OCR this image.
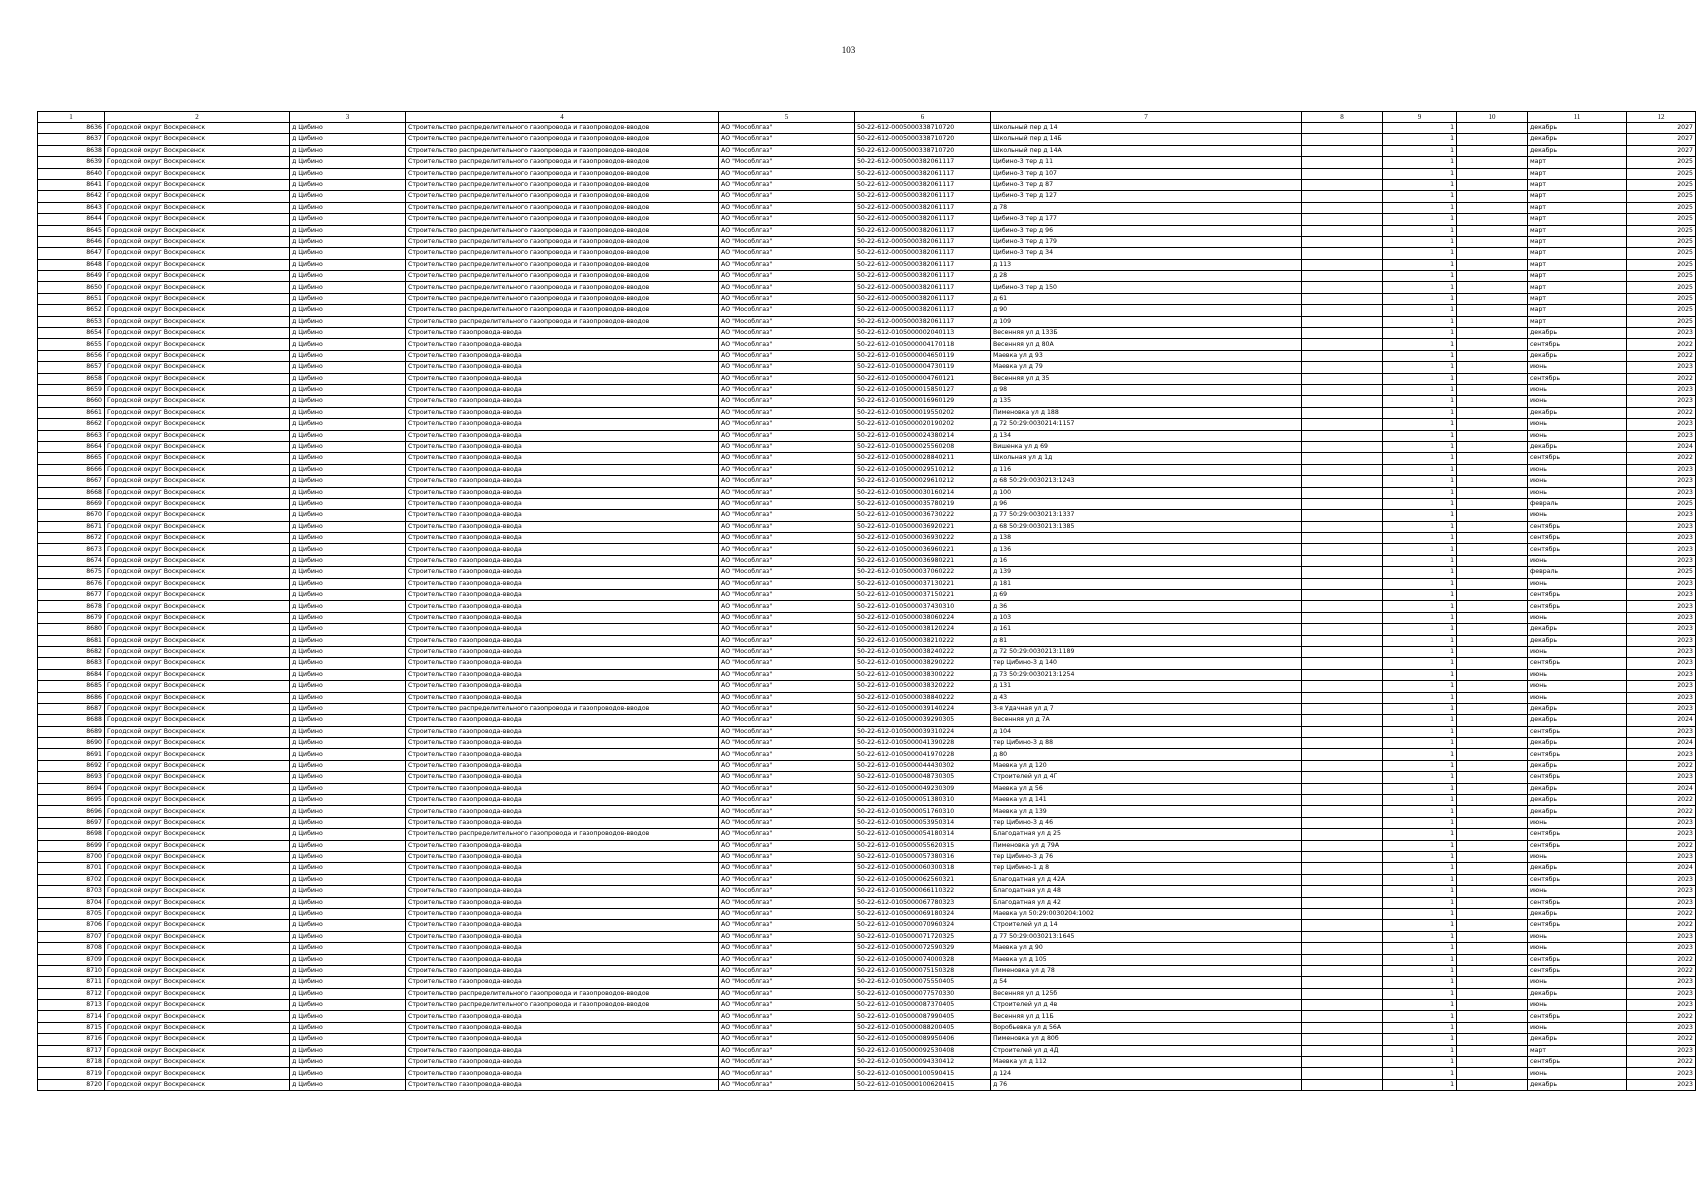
103
1	2	3	4	5	6	7	8	9	10	11	12
8636	Городской округ Воскресенск	д Цибино	Строительство распределительного газопровода и газопроводов-вводов	АО "Мособлгаз"	50-22-612-0005000338710720	Школьный пер д 14		1		декабрь	2027
8637	Городской округ Воскресенск	д Цибино	Строительство распределительного газопровода и газопроводов-вводов	АО "Мособлгаз"	50-22-612-0005000338710720	Школьный пер д 14Б		1		декабрь	2027
8638	Городской округ Воскресенск	д Цибино	Строительство распределительного газопровода и газопроводов-вводов	АО "Мособлгаз"	50-22-612-0005000338710720	Школьный пер д 14А		1		декабрь	2027
8639	Городской округ Воскресенск	д Цибино	Строительство распределительного газопровода и газопроводов-вводов	АО "Мособлгаз"	50-22-612-0005000382061117	Цибино-3 тер д 11		1		март	2025
8640	Городской округ Воскресенск	д Цибино	Строительство распределительного газопровода и газопроводов-вводов	АО "Мособлгаз"	50-22-612-0005000382061117	Цибино-3 тер д 107		1		март	2025
8641	Городской округ Воскресенск	д Цибино	Строительство распределительного газопровода и газопроводов-вводов	АО "Мособлгаз"	50-22-612-0005000382061117	Цибино-3 тер д 87		1		март	2025
8642	Городской округ Воскресенск	д Цибино	Строительство распределительного газопровода и газопроводов-вводов	АО "Мособлгаз"	50-22-612-0005000382061117	Цибино-3 тер д 127		1		март	2025
8643	Городской округ Воскресенск	д Цибино	Строительство распределительного газопровода и газопроводов-вводов	АО "Мособлгаз"	50-22-612-0005000382061117	д 78		1		март	2025
8644	Городской округ Воскресенск	д Цибино	Строительство распределительного газопровода и газопроводов-вводов	АО "Мособлгаз"	50-22-612-0005000382061117	Цибино-3 тер д 177		1		март	2025
8645	Городской округ Воскресенск	д Цибино	Строительство распределительного газопровода и газопроводов-вводов	АО "Мособлгаз"	50-22-612-0005000382061117	Цибино-3 тер д 96		1		март	2025
8646	Городской округ Воскресенск	д Цибино	Строительство распределительного газопровода и газопроводов-вводов	АО "Мособлгаз"	50-22-612-0005000382061117	Цибино-3 тер д 179		1		март	2025
8647	Городской округ Воскресенск	д Цибино	Строительство распределительного газопровода и газопроводов-вводов	АО "Мособлгаз"	50-22-612-0005000382061117	Цибино-3 тер д 34		1		март	2025
8648	Городской округ Воскресенск	д Цибино	Строительство распределительного газопровода и газопроводов-вводов	АО "Мособлгаз"	50-22-612-0005000382061117	д 113		1		март	2025
8649	Городской округ Воскресенск	д Цибино	Строительство распределительного газопровода и газопроводов-вводов	АО "Мособлгаз"	50-22-612-0005000382061117	д 28		1		март	2025
8650	Городской округ Воскресенск	д Цибино	Строительство распределительного газопровода и газопроводов-вводов	АО "Мособлгаз"	50-22-612-0005000382061117	Цибино-3 тер д 150		1		март	2025
8651	Городской округ Воскресенск	д Цибино	Строительство распределительного газопровода и газопроводов-вводов	АО "Мособлгаз"	50-22-612-0005000382061117	д 61		1		март	2025
8652	Городской округ Воскресенск	д Цибино	Строительство распределительного газопровода и газопроводов-вводов	АО "Мособлгаз"	50-22-612-0005000382061117	д 90		1		март	2025
8653	Городской округ Воскресенск	д Цибино	Строительство распределительного газопровода и газопроводов-вводов	АО "Мособлгаз"	50-22-612-0005000382061117	д 109		1		март	2025
8654	Городской округ Воскресенск	д Цибино	Строительство газопровода-ввода	АО "Мособлгаз"	50-22-612-0105000002040113	Весенняя ул д 133Б		1		декабрь	2023
8655	Городской округ Воскресенск	д Цибино	Строительство газопровода-ввода	АО "Мособлгаз"	50-22-612-0105000004170118	Весенняя ул д 80А		1		сентябрь	2022
8656	Городской округ Воскресенск	д Цибино	Строительство газопровода-ввода	АО "Мособлгаз"	50-22-612-0105000004650119	Маевка ул д 93		1		декабрь	2022
8657	Городской округ Воскресенск	д Цибино	Строительство газопровода-ввода	АО "Мособлгаз"	50-22-612-0105000004730119	Маевка ул д 79		1		июнь	2023
8658	Городской округ Воскресенск	д Цибино	Строительство газопровода-ввода	АО "Мособлгаз"	50-22-612-0105000004760121	Весенняя ул д 35		1		сентябрь	2022
8659	Городской округ Воскресенск	д Цибино	Строительство газопровода-ввода	АО "Мособлгаз"	50-22-612-0105000015850127	д 98		1		июнь	2023
8660	Городской округ Воскресенск	д Цибино	Строительство газопровода-ввода	АО "Мособлгаз"	50-22-612-0105000016960129	д 135		1		июнь	2023
8661	Городской округ Воскресенск	д Цибино	Строительство газопровода-ввода	АО "Мособлгаз"	50-22-612-0105000019550202	Пименовка ул д 188		1		декабрь	2022
8662	Городской округ Воскресенск	д Цибино	Строительство газопровода-ввода	АО "Мособлгаз"	50-22-612-0105000020190202	д 72 50:29:0030214:1157		1		июнь	2023
8663	Городской округ Воскресенск	д Цибино	Строительство газопровода-ввода	АО "Мособлгаз"	50-22-612-0105000024380214	д 134		1		июнь	2023
8664	Городской округ Воскресенск	д Цибино	Строительство газопровода-ввода	АО "Мособлгаз"	50-22-612-0105000025560208	Вишенка ул д 69		1		декабрь	2024
8665	Городской округ Воскресенск	д Цибино	Строительство газопровода-ввода	АО "Мособлгаз"	50-22-612-0105000028840211	Школьная ул д 1д		1		сентябрь	2022
8666	Городской округ Воскресенск	д Цибино	Строительство газопровода-ввода	АО "Мособлгаз"	50-22-612-0105000029510212	д 116		1		июнь	2023
8667	Городской округ Воскресенск	д Цибино	Строительство газопровода-ввода	АО "Мособлгаз"	50-22-612-0105000029610212	д 68 50:29:0030213:1243		1		июнь	2023
8668	Городской округ Воскресенск	д Цибино	Строительство газопровода-ввода	АО "Мособлгаз"	50-22-612-0105000030160214	д 100		1		июнь	2023
8669	Городской округ Воскресенск	д Цибино	Строительство газопровода-ввода	АО "Мособлгаз"	50-22-612-0105000035780219	д 96		1		февраль	2025
8670	Городской округ Воскресенск	д Цибино	Строительство газопровода-ввода	АО "Мособлгаз"	50-22-612-0105000036730222	д 77 50:29:0030213:1337		1		июнь	2023
8671	Городской округ Воскресенск	д Цибино	Строительство газопровода-ввода	АО "Мособлгаз"	50-22-612-0105000036920221	д 68 50:29:0030213:1385		1		сентябрь	2023
8672	Городской округ Воскресенск	д Цибино	Строительство газопровода-ввода	АО "Мособлгаз"	50-22-612-0105000036930222	д 138		1		сентябрь	2023
8673	Городской округ Воскресенск	д Цибино	Строительство газопровода-ввода	АО "Мособлгаз"	50-22-612-0105000036960221	д 136		1		сентябрь	2023
8674	Городской округ Воскресенск	д Цибино	Строительство газопровода-ввода	АО "Мособлгаз"	50-22-612-0105000036980221	д 16		1		июнь	2023
8675	Городской округ Воскресенск	д Цибино	Строительство газопровода-ввода	АО "Мособлгаз"	50-22-612-0105000037060222	д 139		1		февраль	2025
8676	Городской округ Воскресенск	д Цибино	Строительство газопровода-ввода	АО "Мособлгаз"	50-22-612-0105000037130221	д 181		1		июнь	2023
8677	Городской округ Воскресенск	д Цибино	Строительство газопровода-ввода	АО "Мособлгаз"	50-22-612-0105000037150221	д 69		1		сентябрь	2023
8678	Городской округ Воскресенск	д Цибино	Строительство газопровода-ввода	АО "Мособлгаз"	50-22-612-0105000037430310	д 36		1		сентябрь	2023
8679	Городской округ Воскресенск	д Цибино	Строительство газопровода-ввода	АО "Мособлгаз"	50-22-612-0105000038060224	д 103		1		июнь	2023
8680	Городской округ Воскресенск	д Цибино	Строительство газопровода-ввода	АО "Мособлгаз"	50-22-612-0105000038120224	д 161		1		декабрь	2023
8681	Городской округ Воскресенск	д Цибино	Строительство газопровода-ввода	АО "Мособлгаз"	50-22-612-0105000038210222	д 81		1		декабрь	2023
8682	Городской округ Воскресенск	д Цибино	Строительство газопровода-ввода	АО "Мособлгаз"	50-22-612-0105000038240222	д 72 50:29:0030213:1189		1		июнь	2023
8683	Городской округ Воскресенск	д Цибино	Строительство газопровода-ввода	АО "Мособлгаз"	50-22-612-0105000038290222	тер Цибино-3 д 140		1		сентябрь	2023
8684	Городской округ Воскресенск	д Цибино	Строительство газопровода-ввода	АО "Мособлгаз"	50-22-612-0105000038300222	д 73 50:29:0030213:1254		1		июнь	2023
8685	Городской округ Воскресенск	д Цибино	Строительство газопровода-ввода	АО "Мособлгаз"	50-22-612-0105000038320222	д 131		1		июнь	2023
8686	Городской округ Воскресенск	д Цибино	Строительство газопровода-ввода	АО "Мособлгаз"	50-22-612-0105000038840222	д 43		1		июнь	2023
8687	Городской округ Воскресенск	д Цибино	Строительство распределительного газопровода и газопроводов-вводов	АО "Мособлгаз"	50-22-612-0105000039140224	3-я Удачная ул д 7		1		декабрь	2023
8688	Городской округ Воскресенск	д Цибино	Строительство газопровода-ввода	АО "Мособлгаз"	50-22-612-0105000039290305	Весенняя ул д 7А		1		декабрь	2024
8689	Городской округ Воскресенск	д Цибино	Строительство газопровода-ввода	АО "Мособлгаз"	50-22-612-0105000039310224	д 104		1		сентябрь	2023
8690	Городской округ Воскресенск	д Цибино	Строительство газопровода-ввода	АО "Мособлгаз"	50-22-612-0105000041390228	тер Цибино-3 д 88		1		декабрь	2024
8691	Городской округ Воскресенск	д Цибино	Строительство газопровода-ввода	АО "Мособлгаз"	50-22-612-0105000041970228	д 80		1		сентябрь	2023
8692	Городской округ Воскресенск	д Цибино	Строительство газопровода-ввода	АО "Мособлгаз"	50-22-612-0105000044430302	Маевка ул д 120		1		декабрь	2022
8693	Городской округ Воскресенск	д Цибино	Строительство газопровода-ввода	АО "Мособлгаз"	50-22-612-0105000048730305	Строителей ул д 4Г		1		сентябрь	2023
8694	Городской округ Воскресенск	д Цибино	Строительство газопровода-ввода	АО "Мособлгаз"	50-22-612-0105000049230309	Маевка ул д 56		1		декабрь	2024
8695	Городской округ Воскресенск	д Цибино	Строительство газопровода-ввода	АО "Мособлгаз"	50-22-612-0105000051380310	Маевка ул д 141		1		декабрь	2022
8696	Городской округ Воскресенск	д Цибино	Строительство газопровода-ввода	АО "Мособлгаз"	50-22-612-0105000051760310	Маевка ул д 139		1		декабрь	2022
8697	Городской округ Воскресенск	д Цибино	Строительство газопровода-ввода	АО "Мособлгаз"	50-22-612-0105000053950314	тер Цибино-3 д 46		1		июнь	2023
8698	Городской округ Воскресенск	д Цибино	Строительство распределительного газопровода и газопроводов-вводов	АО "Мособлгаз"	50-22-612-0105000054180314	Благодатная ул д 25		1		сентябрь	2023
8699	Городской округ Воскресенск	д Цибино	Строительство газопровода-ввода	АО "Мособлгаз"	50-22-612-0105000055620315	Пименовка ул д 79А		1		сентябрь	2022
8700	Городской округ Воскресенск	д Цибино	Строительство газопровода-ввода	АО "Мособлгаз"	50-22-612-0105000057380316	тер Цибино-3 д 76		1		июнь	2023
8701	Городской округ Воскресенск	д Цибино	Строительство газопровода-ввода	АО "Мособлгаз"	50-22-612-0105000060300318	тер Цибино-1 д 8		1		декабрь	2024
8702	Городской округ Воскресенск	д Цибино	Строительство газопровода-ввода	АО "Мособлгаз"	50-22-612-0105000062560321	Благодатная ул д 42А		1		сентябрь	2023
8703	Городской округ Воскресенск	д Цибино	Строительство газопровода-ввода	АО "Мособлгаз"	50-22-612-0105000066110322	Благодатная ул д 48		1		июнь	2023
8704	Городской округ Воскресенск	д Цибино	Строительство газопровода-ввода	АО "Мособлгаз"	50-22-612-0105000067780323	Благодатная ул д 42		1		сентябрь	2023
8705	Городской округ Воскресенск	д Цибино	Строительство газопровода-ввода	АО "Мособлгаз"	50-22-612-0105000069180324	Маевка ул 50:29:0030204:1002		1		декабрь	2022
8706	Городской округ Воскресенск	д Цибино	Строительство газопровода-ввода	АО "Мособлгаз"	50-22-612-0105000070960324	Строителей ул д 14		1		сентябрь	2022
8707	Городской округ Воскресенск	д Цибино	Строительство газопровода-ввода	АО "Мособлгаз"	50-22-612-0105000071720325	д 77 50:29:0030213:1645		1		июнь	2023
8708	Городской округ Воскресенск	д Цибино	Строительство газопровода-ввода	АО "Мособлгаз"	50-22-612-0105000072590329	Маевка ул д 90		1		июнь	2023
8709	Городской округ Воскресенск	д Цибино	Строительство газопровода-ввода	АО "Мособлгаз"	50-22-612-0105000074000328	Маевка ул д 105		1		сентябрь	2022
8710	Городской округ Воскресенск	д Цибино	Строительство газопровода-ввода	АО "Мособлгаз"	50-22-612-0105000075150328	Пименовка ул д 78		1		сентябрь	2022
8711	Городской округ Воскресенск	д Цибино	Строительство газопровода-ввода	АО "Мособлгаз"	50-22-612-0105000075550405	д 54		1		июнь	2023
8712	Городской округ Воскресенск	д Цибино	Строительство распределительного газопровода и газопроводов-вводов	АО "Мособлгаз"	50-22-612-0105000077570330	Весенняя ул д 125б		1		декабрь	2023
8713	Городской округ Воскресенск	д Цибино	Строительство распределительного газопровода и газопроводов-вводов	АО "Мособлгаз"	50-22-612-0105000087370405	Строителей ул д 4в		1		июнь	2023
8714	Городской округ Воскресенск	д Цибино	Строительство газопровода-ввода	АО "Мособлгаз"	50-22-612-0105000087990405	Весенняя ул д 11Б		1		сентябрь	2022
8715	Городской округ Воскресенск	д Цибино	Строительство газопровода-ввода	АО "Мособлгаз"	50-22-612-0105000088200405	Воробьевка ул д 56А		1		июнь	2023
8716	Городской округ Воскресенск	д Цибино	Строительство газопровода-ввода	АО "Мособлгаз"	50-22-612-0105000089950406	Пименовка ул д 80б		1		декабрь	2022
8717	Городской округ Воскресенск	д Цибино	Строительство газопровода-ввода	АО "Мособлгаз"	50-22-612-0105000092530408	Строителей ул д 4Д		1		март	2023
8718	Городской округ Воскресенск	д Цибино	Строительство газопровода-ввода	АО "Мособлгаз"	50-22-612-0105000094330412	Маевка ул д 112		1		сентябрь	2022
8719	Городской округ Воскресенск	д Цибино	Строительство газопровода-ввода	АО "Мособлгаз"	50-22-612-0105000100590415	д 124		1		июнь	2023
8720	Городской округ Воскресенск	д Цибино	Строительство газопровода-ввода	АО "Мособлгаз"	50-22-612-0105000100620415	д 76		1		декабрь	2023
